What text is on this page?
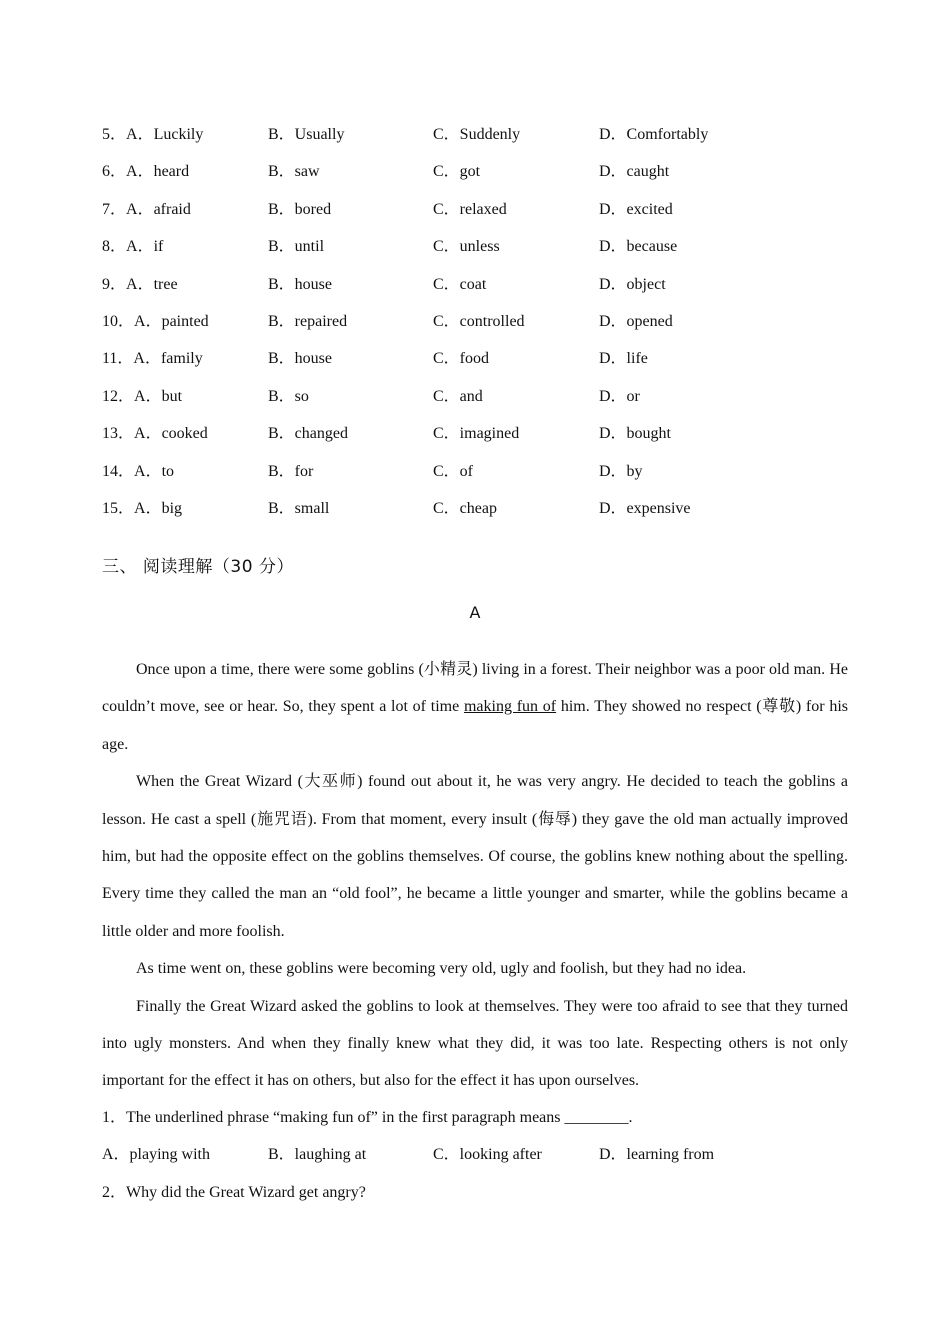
5． A．Luckily	B．Usually	C．Suddenly	D．Comfortably
6． A．heard	B．saw	C．got	D．caught
7． A．afraid	B．bored	C．relaxed	D．excited
8． A．if	B．until	C．unless	D．because
9． A．tree	B．house	C．coat	D．object
10． A．painted	B．repaired	C．controlled	D．opened
11． A．family	B．house	C．food	D．life
12． A．but	B．so	C．and	D．or
13． A．cooked	B．changed	C．imagined	D．bought
14． A．to	B．for	C．of	D．by
15． A．big	B．small	C．cheap	D．expensive
三、 阅读理解（30 分）
A

Once upon a time, there were some goblins (小精灵) living in a forest. Their neighbor was a poor old man. He couldn’t move, see or hear. So, they spent a lot of time making fun of him. They showed no respect (尊敬) for his age.

When the Great Wizard (大巫师) found out about it, he was very angry. He decided to teach the goblins a lesson. He cast a spell (施咒语). From that moment, every insult (侮辱) they gave the old man actually improved him, but had the opposite effect on the goblins themselves. Of course, the goblins knew nothing about the spelling. Every time they called the man an “old fool”, he became a little younger and smarter, while the goblins became a little older and more foolish.

As time went on, these goblins were becoming very old, ugly and foolish, but they had no idea.

Finally the Great Wizard asked the goblins to look at themselves. They were too afraid to see that they turned into ugly monsters. And when they finally knew what they did, it was too late. Respecting others is not only important for the effect it has on others, but also for the effect it has upon ourselves.

1．The underlined phrase “making fun of” in the first paragraph means ________.
A．playing with	B．laughing at	C．looking after	D．learning from
2．Why did the Great Wizard get angry?
